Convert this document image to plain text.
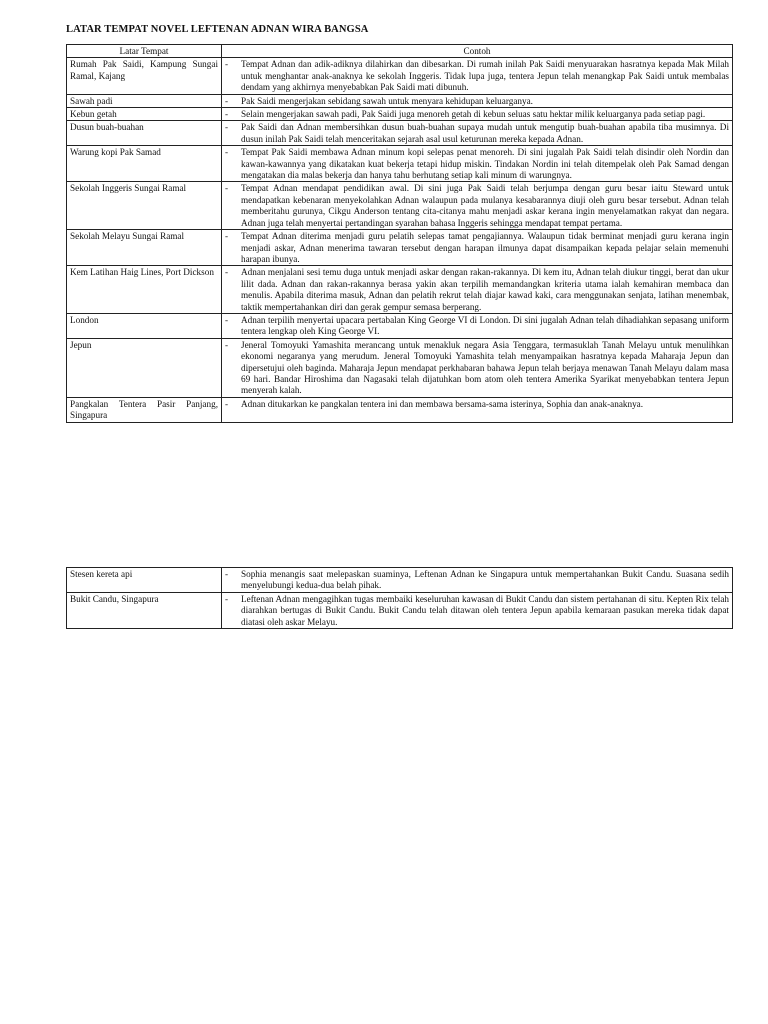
LATAR TEMPAT NOVEL LEFTENAN ADNAN WIRA BANGSA
Latar Tempat	Contoh
Rumah Pak Saidi, Kampung Sungai Ramal, Kajang	- Tempat Adnan dan adik-adiknya dilahirkan dan dibesarkan. Di rumah inilah Pak Saidi menyuarakan hasratnya kepada Mak Milah untuk menghantar anak-anaknya ke sekolah Inggeris. Tidak lupa juga, tentera Jepun telah menangkap Pak Saidi untuk membalas dendam yang akhirnya menyebabkan Pak Saidi mati dibunuh.

Sawah padi	- Pak Saidi mengerjakan sebidang sawah untuk menyara kehidupan keluarganya.

Kebun getah	- Selain mengerjakan sawah padi, Pak Saidi juga menoreh getah di kebun seluas satu hektar milik keluarganya pada setiap pagi.

Dusun buah-buahan	- Pak Saidi dan Adnan membersihkan dusun buah-buahan supaya mudah untuk mengutip buah-buahan apabila tiba musimnya. Di dusun inilah Pak Saidi telah menceritakan sejarah asal usul keturunan mereka kepada Adnan.

Warung kopi Pak Samad	- Tempat Pak Saidi membawa Adnan minum kopi selepas penat menoreh. Di sini jugalah Pak Saidi telah disindir oleh Nordin dan kawan-kawannya yang dikatakan kuat bekerja tetapi hidup miskin. Tindakan Nordin ini telah ditempelak oleh Pak Samad dengan mengatakan dia malas bekerja dan hanya tahu berhutang setiap kali minum di warungnya.

Sekolah Inggeris Sungai Ramal	- Tempat Adnan mendapat pendidikan awal. Di sini juga Pak Saidi telah berjumpa dengan guru besar iaitu Steward untuk mendapatkan kebenaran menyekolahkan Adnan walaupun pada mulanya kesabarannya diuji oleh guru besar tersebut. Adnan telah memberitahu gurunya, Cikgu Anderson tentang cita-citanya mahu menjadi askar kerana ingin menyelamatkan rakyat dan negara. Adnan juga telah menyertai pertandingan syarahan bahasa Inggeris sehingga mendapat tempat pertama.

Sekolah Melayu Sungai Ramal	- Tempat Adnan diterima menjadi guru pelatih selepas tamat pengajiannya. Walaupun tidak berminat menjadi guru kerana ingin menjadi askar, Adnan menerima tawaran tersebut dengan harapan ilmunya dapat disampaikan kepada pelajar selain memenuhi harapan ibunya.

Kem Latihan Haig Lines, Port Dickson	- Adnan menjalani sesi temu duga untuk menjadi askar dengan rakan-rakannya. Di kem itu, Adnan telah diukur tinggi, berat dan ukur lilit dada. Adnan dan rakan-rakannya berasa yakin akan terpilih memandangkan kriteria utama ialah kemahiran membaca dan menulis. Apabila diterima masuk, Adnan dan pelatih rekrut telah diajar kawad kaki, cara menggunakan senjata, latihan menembak, taktik mempertahankan diri dan gerak gempur semasa berperang.

London	- Adnan terpilih menyertai upacara pertabalan King George VI di London. Di sini jugalah Adnan telah dihadiahkan sepasang uniform tentera lengkap oleh King George VI.

Jepun	- Jeneral Tomoyuki Yamashita merancang untuk menakluk negara Asia Tenggara, termasuklah Tanah Melayu untuk menulihkan ekonomi negaranya yang merudum. Jeneral Tomoyuki Yamashita telah menyampaikan hasratnya kepada Maharaja Jepun dan dipersetujui oleh baginda. Maharaja Jepun mendapat perkhabaran bahawa Jepun telah berjaya menawan Tanah Melayu dalam masa 69 hari. Bandar Hiroshima dan Nagasaki telah dijatuhkan bom atom oleh tentera Amerika Syarikat menyebabkan tentera Jepun menyerah kalah.

Pangkalan Tentera Pasir Panjang, Singapura	- Adnan ditukarkan ke pangkalan tentera ini dan membawa bersama-sama isterinya, Sophia dan anak-anaknya.
Stesen kereta api	- Sophia menangis saat melepaskan suaminya, Leftenan Adnan ke Singapura untuk mempertahankan Bukit Candu. Suasana sedih menyelubungi kedua-dua belah pihak.

Bukit Candu, Singapura	- Leftenan Adnan mengagihkan tugas membaiki keseluruhan kawasan di Bukit Candu dan sistem pertahanan di situ. Kepten Rix telah diarahkan bertugas di Bukit Candu. Bukit Candu telah ditawan oleh tentera Jepun apabila kemaraan pasukan mereka tidak dapat diatasi oleh askar Melayu.
